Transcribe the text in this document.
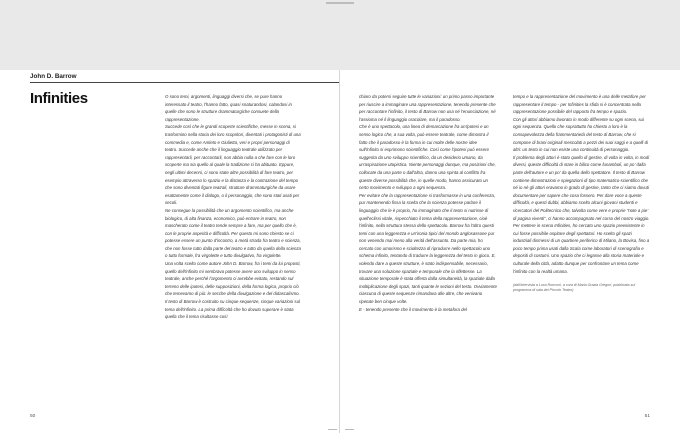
John D. Barrow
Infinities	O sono temi, argomenti, linguaggi diversi che, se pure hanno interessato il teatro, l'hanno fatto, quasi snaturandosi, calandosi in quelle che sono le strutture drammaturgiche consuete della rappresentazione.

Succede così che le grandi scoperte scientifiche, messe in scena, si trasformino nella storia dei loro scopritori, diventati i protagonisti di una commedia e, come Amleto e Giulietta, veri e propri personaggi di teatro. Succede anche che il linguaggio teatrale utilizzato per rappresentarli, per raccontarli, non abbia nulla a che fare con le loro scoperte ma sia quello al quale la tradizione ci ha abituato. Eppure, negli ultimi decenni, ci sono state altre possibilità di fare teatro, per esempio attraverso lo spazio e la distanza e la contrazione del tempo che sono diventati figure teatrali, strutture drammaturgiche da usare esattamente come il dialogo, o il personaggio, che sono stati usati per secoli.

Ne consegue la possibilità che un argomento scientifico, ma anche biologico, di alta finanza, economico, può entrare in teatro, non mascherato come il teatro tende sempre a fare, ma per quello che è, con le proprie asperità e difficoltà. Per questo mi sono chiesto se ci potesse essere un punto d'incontro, a metà strada fra teatro e scienza, che non fosse tutto dalla parte del teatro e tutto da quella della scienza o tutto formale, fra virgolette e tutto divulgativo, fra virgolette.

Una volta scelto come autore John D. Barrow, fra i temi da lui proposti, quello dell'infinito mi sembrava potesse avere uno sviluppo in senso teatrale, anche perché l'argomento ci avrebbe evitato, restando sul terreno delle ipotesi, delle supposizioni, della forma logica, proprio ciò che temevamo di più: le secche della divulgazione e del didascalismo.

Il testo di Barrow è costruito su cinque sequenze, cinque variazioni sul tema dell'infinito. La prima difficoltà che ho dovuto superare è stata quella che il tema risultasse così

50

chiaro da potersi seguire tutte le variazioni: un primo passo importante per riuscire a immaginare una rappresentazione, tenendo presente che per raccontare l'infinito, il testo di Barrow non usa né l'enunciazione, né l'assioma né il linguaggio oracolare, ma il paradosso.

Che è uno spettacolo, una linea di demarcazione fra un'ipotesi e un senso logico che, a sua volta, può essere teatrale, come dimostra il fatto che il paradosso è la forma in cui molte delle nostre idee sull'infinito si esprimono scientifiche. Così come l'ipotesi può essere suggerita da uno sviluppo scientifico, da un desiderio umano, da un'aspirazione utopistica. Niente personaggi dunque, ma posizioni che, collocate da una parte o dall'altra, danno una spinta al conflitto fra queste diverse possibilità che, in quelle modo, hanno assicurato un certo movimento e sviluppo a ogni sequenza.

Per evitare che la rappresentazione si trasformasse in una conferenza, pur mantenendo fissa la scelta che la scienza potesse parlare il linguaggio che le è proprio, ho immaginato che il testo si nutrisse di quell'eclissi vitale, rispecchiato il tema della rappresentazione, cioè l'infinito, nella struttura stessa dello spettacolo. Barrow fra l'altro questi temi con una leggerezza e un'ironia tipici del mondo anglosassone pur non venendo mai meno alla verità dell'assunto. Da parte mia, ho cercato con umorismo e scioltezza di riprodurre nello spettacolo uno schema infinito, tentando di tradurre la leggerezza del testo in gioco. E, volendo dare a queste strutture, è stato indispensabile, necessario, trovare una soluzione spaziale e temporale che la riflettesse. La situazione temporale è stata offerta dalla simultaneità, la spaziale dalla moltiplicazione degli spazi, tanti quante le sezioni del testo. Ovviamente ciascuna di queste sequenze rimandava alle altre, che venivano ripetute ben cinque volte.

E - tenendo presente che il movimento è la metafora del

tempo e la rappresentazione del movimento è una delle metafore per rappresentare il tempo - per Infinities la sfida si è concentrata nella rappresentazione possibile del rapporto fra tempo e spazio.

Con gli attori abbiamo lavorato in modo differente su ogni scena, sui ogni sequenza. Quello che soprattutto ho chiesto a loro è la consapevolezza della frammentarietà del testo di Barrow, che si compone di brani originali mescolati a pezzi dei suoi saggi e a quelli di altri: un testo in cui non esiste una continuità di personaggio.

Il problema degli attori è stato quello di gestire, di volta in volta, in modi diversi, queste difficoltà di stare in bilico come funamboli, un po' dalla parte dell'autore e un po' da quella dello spettatore. Il testo di Barrow contiene dimostrazioni e spiegazioni di tipo matematico-scientifico che né io né gli attori eravamo in grado di gestire, tanto che ci siamo dovuti documentare per sapere che cosa fossero. Per dare voce a queste difficoltà, e questi dubbi, abbiamo scelto alcuni giovani studenti e ricercatori del Politecnico che, talvolta come vere e proprie "note a pie' di pagina viventi", ci hanno accompagnato nel corso del nostro viaggio. Per mettere in scena Infinities, ho cercato uno spazio preesistente in cui fosse possibile ospitare degli spettatori. Ho scelto gli spazi industriali dismessi di un quartiere periferico di Milano, la Bovisa, fino a poco tempo prima usati dalla Scala come laboratori di scenografia e depositi di costumi. Uno spazio che ci legasse alla storia materiale e culturale della città, adatto dunque per confrontare un tema come l'infinito con la realtà umana.

(dall'intervista a Luca Ronconi, a cura di Maria Grazia Gregori, pubblicata sul programma di sala del Piccolo Teatro)

51
